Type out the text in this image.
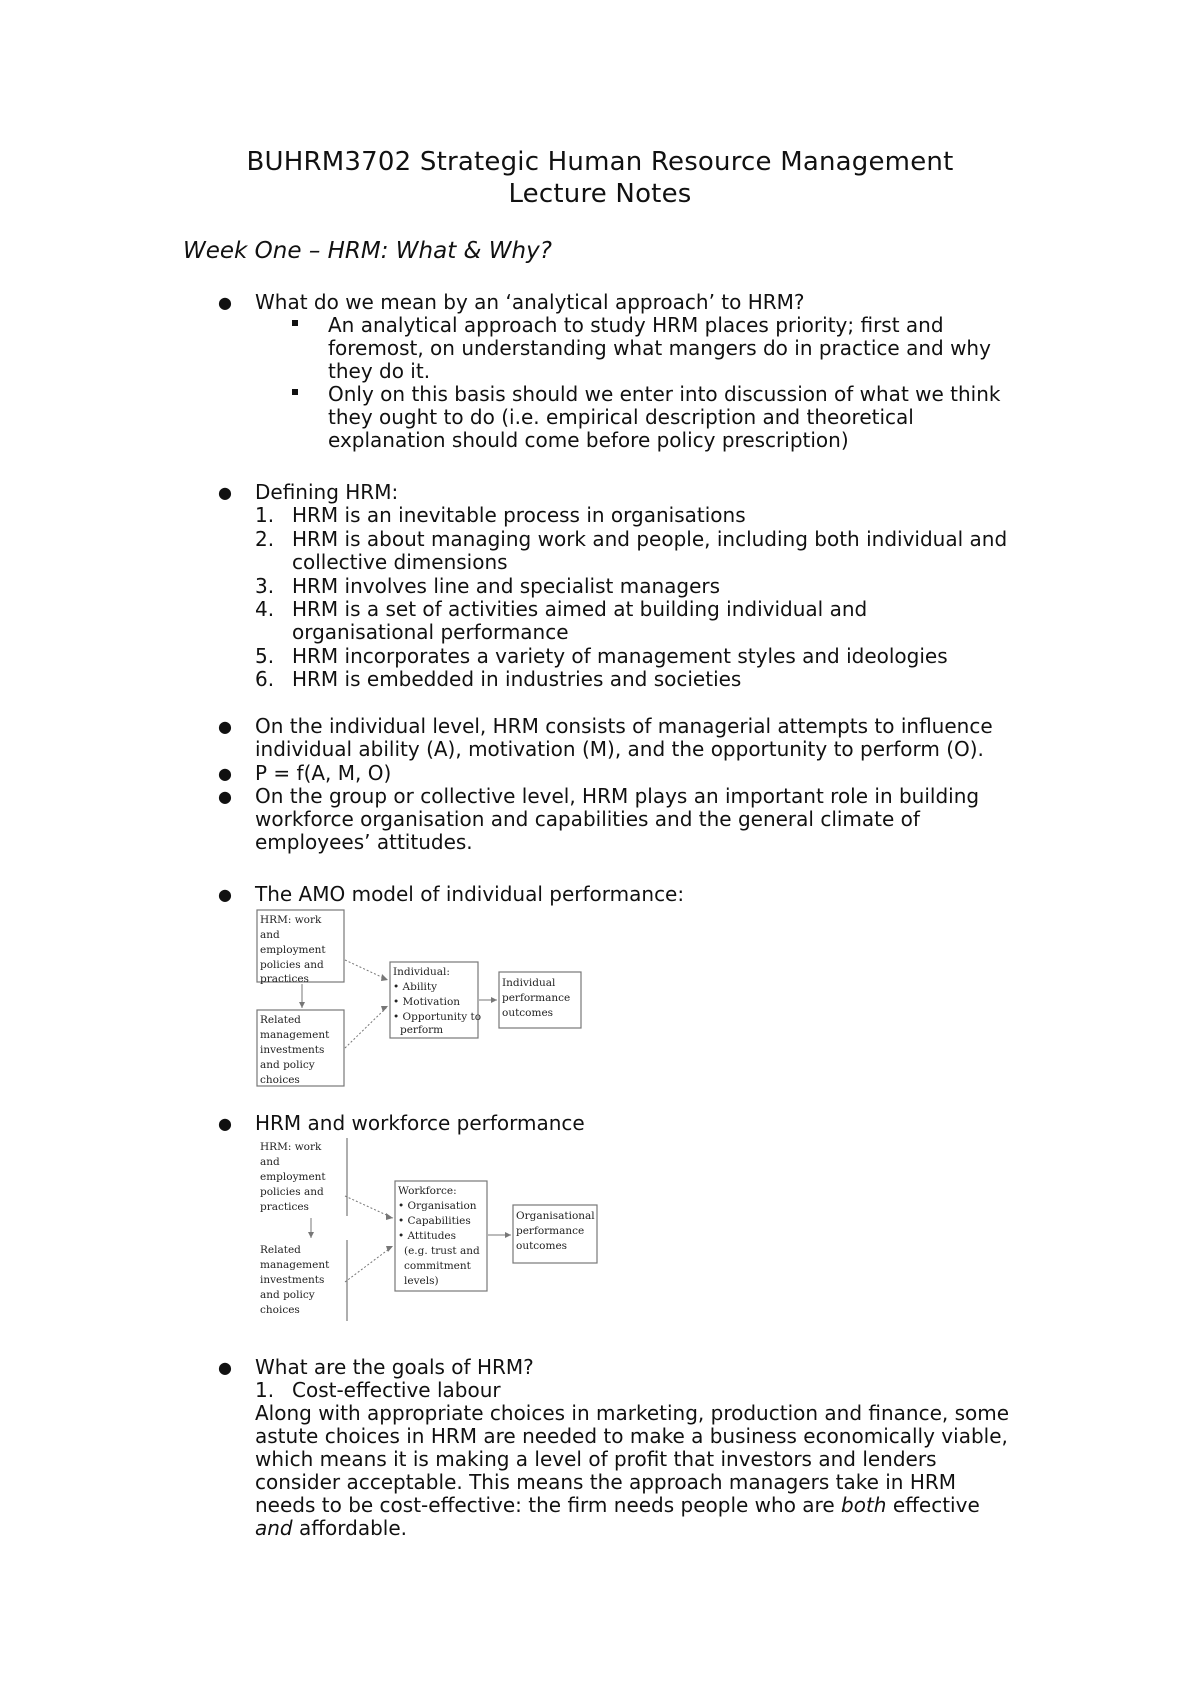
BUHRM3702 Strategic Human Resource Management
Lecture Notes
Week One – HRM: What & Why?
● What do we mean by an ‘analytical approach’ to HRM?
An analytical approach to study HRM places priority; first and
foremost, on understanding what mangers do in practice and why
they do it.
Only on this basis should we enter into discussion of what we think
they ought to do (i.e. empirical description and theoretical
explanation should come before policy prescription)
● Defining HRM:
1. HRM is an inevitable process in organisations
2. HRM is about managing work and people, including both individual and
collective dimensions
3. HRM involves line and specialist managers
4. HRM is a set of activities aimed at building individual and
organisational performance
5. HRM incorporates a variety of management styles and ideologies
6. HRM is embedded in industries and societies
● On the individual level, HRM consists of managerial attempts to influence
individual ability (A), motivation (M), and the opportunity to perform (O).
● P = f(A, M, O)
● On the group or collective level, HRM plays an important role in building
workforce organisation and capabilities and the general climate of
employees’ attitudes.
● The AMO model of individual performance:
HRM: work
and
employment
policies and
practices
Related
management
investments
and policy
choices
Individual:
• Ability
• Motivation
• Opportunity to
perform
Individual
performance
outcomes
● HRM and workforce performance
HRM: work
and
employment
policies and
practices
Related
management
investments
and policy
choices
Workforce:
• Organisation
• Capabilities
• Attitudes
(e.g. trust and
commitment
levels)
Organisational
performance
outcomes
● What are the goals of HRM?
1. Cost-effective labour
Along with appropriate choices in marketing, production and finance, some
astute choices in HRM are needed to make a business economically viable,
which means it is making a level of profit that investors and lenders
consider acceptable. This means the approach managers take in HRM
needs to be cost-effective: the firm needs people who are both effective
and affordable.
